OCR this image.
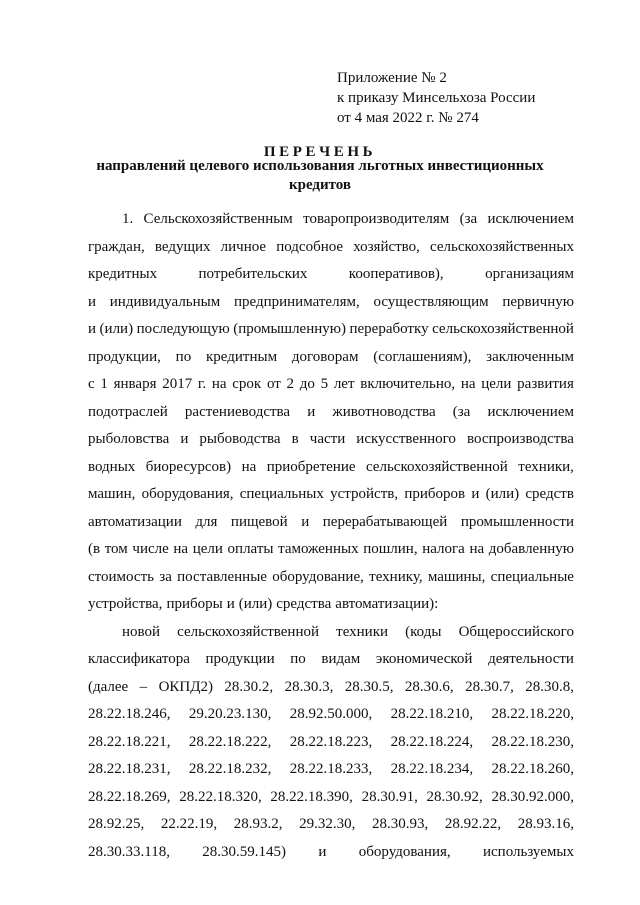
Приложение № 2
к приказу Минсельхоза России
от 4 мая 2022 г. № 274
ПЕРЕЧЕНЬ
направлений целевого использования льготных инвестиционных
кредитов
1. Сельскохозяйственным товаропроизводителям (за исключением
граждан, ведущих личное подсобное хозяйство, сельскохозяйственных
кредитных	потребительских	кооперативов),	организациям
и индивидуальным предпринимателям, осуществляющим первичную
и (или) последующую (промышленную) переработку сельскохозяйственной
продукции, по кредитным договорам (соглашениям), заключенным
с 1 января 2017 г. на срок от 2 до 5 лет включительно, на цели развития
подотраслей растениеводства и животноводства (за исключением
рыболовства и рыбоводства в части искусственного воспроизводства
водных биоресурсов) на приобретение сельскохозяйственной техники,
машин, оборудования, специальных устройств, приборов и (или) средств
автоматизации для пищевой и перерабатывающей промышленности
(в том числе на цели оплаты таможенных пошлин, налога на добавленную
стоимость за поставленные оборудование, технику, машины, специальные
устройства, приборы и (или) средства автоматизации):
новой сельскохозяйственной техники (коды Общероссийского
классификатора продукции по видам экономической деятельности
(далее – ОКПД2) 28.30.2, 28.30.3, 28.30.5, 28.30.6, 28.30.7, 28.30.8,
28.22.18.246, 29.20.23.130, 28.92.50.000, 28.22.18.210, 28.22.18.220,
28.22.18.221, 28.22.18.222, 28.22.18.223, 28.22.18.224, 28.22.18.230,
28.22.18.231, 28.22.18.232, 28.22.18.233, 28.22.18.234, 28.22.18.260,
28.22.18.269, 28.22.18.320, 28.22.18.390, 28.30.91, 28.30.92, 28.30.92.000,
28.92.25, 22.22.19, 28.93.2, 29.32.30, 28.30.93, 28.92.22, 28.93.16,
28.30.33.118, 28.30.59.145) и оборудования, используемых
